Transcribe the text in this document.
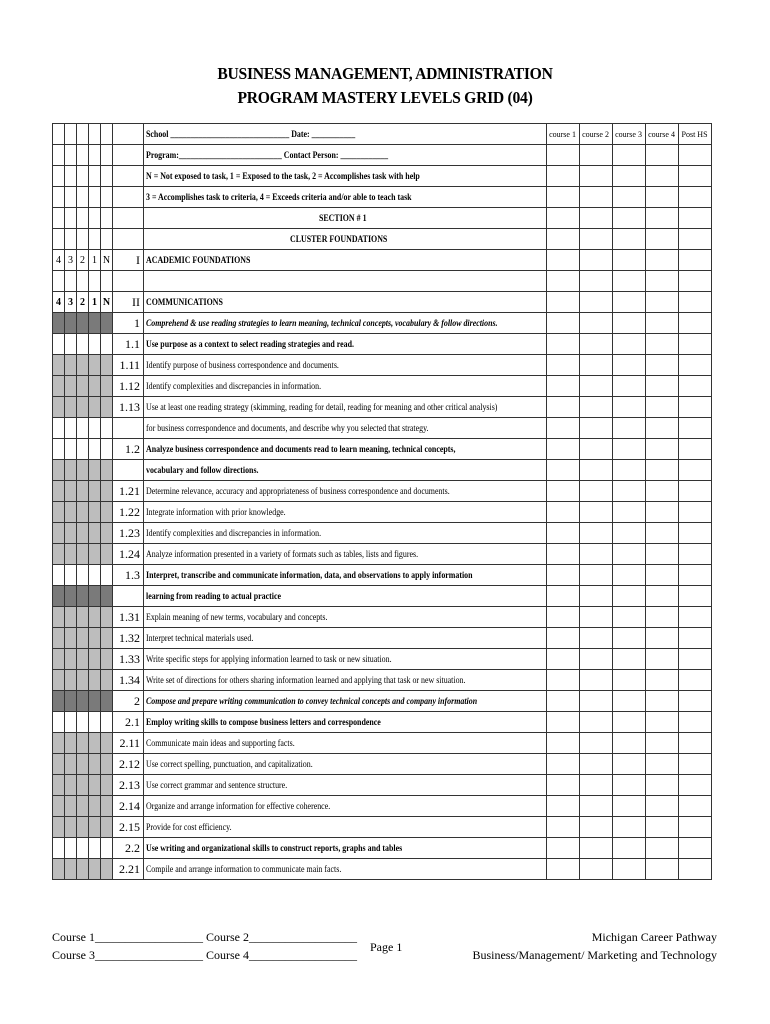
BUSINESS MANAGEMENT, ADMINISTRATION
PROGRAM MASTERY LEVELS GRID (04)
						School ______________________________ Date: ___________	course 1	course 2	course 3	course 4	Post HS
						Program:__________________________ Contact Person: ____________					
						N = Not exposed to task, 1 = Exposed to the task, 2 = Accomplishes task with help					
						3 = Accomplishes task to criteria, 4 = Exceeds criteria and/or able to teach task					
						SECTION # 1					
						CLUSTER FOUNDATIONS					
4	3	2	1	N	I	ACADEMIC FOUNDATIONS					

4	3	2	1	N	II	COMMUNICATIONS					
					1	Comprehend & use reading strategies to learn meaning, technical concepts, vocabulary & follow directions.					
					1.1	Use purpose as a context to select reading strategies and read.					
					1.11	Identify purpose of business correspondence and documents.					
					1.12	Identify complexities and discrepancies in information.					
					1.13	Use at least one reading strategy (skimming, reading for detail, reading for meaning and other critical analysis)					
						for business correspondence and documents, and describe why you selected that strategy.					
					1.2	Analyze business correspondence and documents read to learn meaning, technical concepts,					
						vocabulary and follow directions.					
					1.21	Determine relevance, accuracy and appropriateness of business correspondence and documents.					
					1.22	Integrate information with prior knowledge.					
					1.23	Identify complexities and discrepancies in information.					
					1.24	Analyze information presented in a variety of formats such as tables, lists and figures.					
					1.3	Interpret, transcribe and communicate information, data, and observations to apply information					
						learning from reading to actual practice					
					1.31	Explain meaning of new terms, vocabulary and concepts.					
					1.32	Interpret technical materials used.					
					1.33	Write specific steps for applying information learned to task or new situation.					
					1.34	Write set of directions for others sharing information learned and applying that task or new situation.					
					2	Compose and prepare writing communication to convey technical concepts and company information					
					2.1	Employ writing skills to compose business letters and correspondence					
					2.11	Communicate main ideas and supporting facts.					
					2.12	Use correct spelling, punctuation, and capitalization.					
					2.13	Use correct grammar and sentence structure.					
					2.14	Organize and arrange information for effective coherence.					
					2.15	Provide for cost efficiency.					
					2.2	Use writing and organizational skills to construct reports, graphs and tables					
					2.21	Compile and arrange information to communicate main facts.					
Course 1__________________ Course 2__________________
Course 3__________________ Course 4__________________
Page 1
Michigan Career Pathway
Business/Management/ Marketing and Technology
